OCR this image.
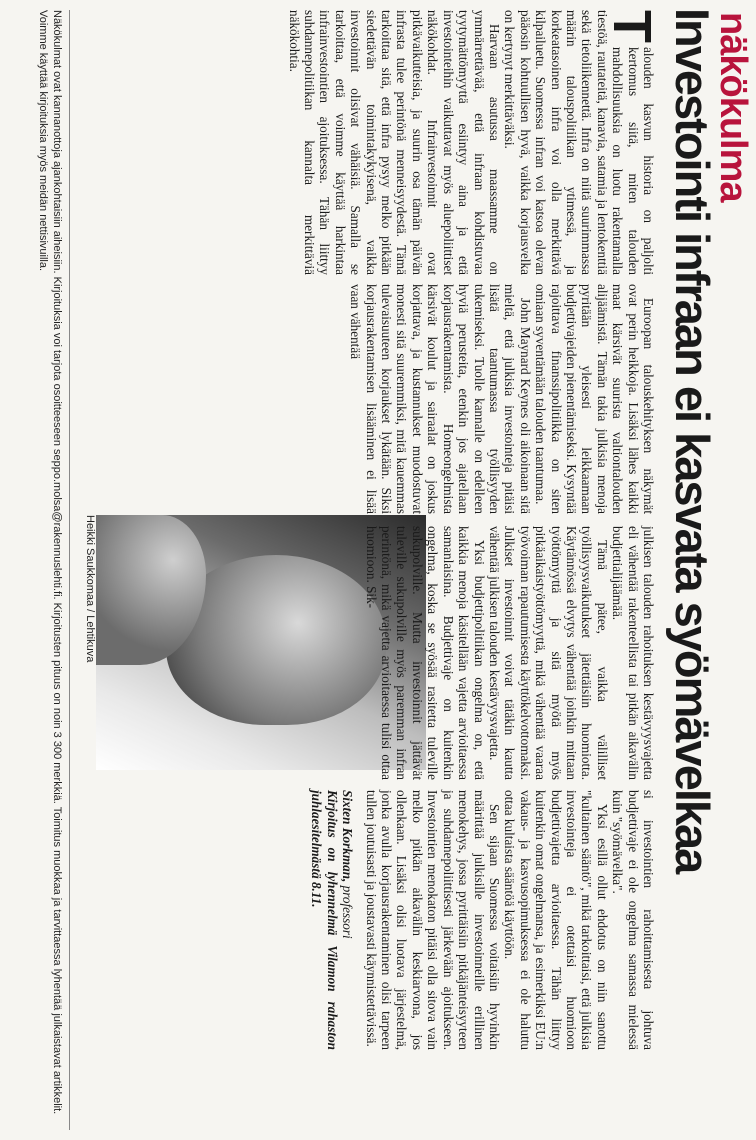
näkökulma
Investointi infraan ei kasvata syömävelkaa

T
alouden kasvun historia on paljolti kertomus siitä, miten talouden mahdollisuuksia on luotu rakentamalla tiestöä, rautateitä, kanavia, satamia ja lentokenttiä sekä tietoliikennettä. Infra on niitä suurimmassa määrin talouspolitiikan ytimessä, ja korkeatasoinen infra voi olla merkittävä kilpailuetu. Suomessa infran voi katsoa olevan pääosin kohtuullisen hyvä, vaikka korjausvelka on kertynyt merkittäväksi.

Harvaan asutussa maassamme on ymmärrettävää, että infraan kohdistuvaa tyytymättömyyttä esiintyy aina ja että investointeihin vaikuttavat myös aluepoliittiset näkökohdat. Infrainvestoinnit ovat pitkävaikutteisia, ja suurin osa tämän päivän infrasta tulee perintönä menneisyydestä. Tämä tarkoittaa sitä, että infra pysyy melko pitkään siedettävän toimintakykyisenä, vaikka investoinnit olisivat vähäisiä. Samalla se tarkoittaa, että voimme käyttää harkintaa infrainvestointien ajoituksessa. Tähän liittyy suhdannepolitiikan kannalta merkittäviä näkökohtia.

Euroopan talouskehityksen näkymät ovat perin heikkoja. Lisäksi lähes kaikki maat kärsivät suurista valtiontalouden alijäämistä. Tämän takia julkisia menoja pyritään yleisesti leikkaamaan budjettivajeiden pienentämiseksi. Kysyntää rajoittava finanssipolitiikka on siten omiaan syventämään talouden taantumaa.

John Maynard Keynes oli aikoinaan sitä mieltä, että julkisia investointeja pitäisi lisätä taantumassa työllisyyden tukemiseksi. Tuolle kannalle on edelleen hyviä perusteita, etenkin jos ajatellaan korjausrakentamista. Homeongelmista kärsivät koulut ja sairaalat on joskus korjattava, ja kustannukset muodostuvat monesti sitä suuremmiksi, mitä kauemmas tulevaisuuteen korjaukset lykätään. Siksi korjausrakentamisen lisääminen ei lisää vaan vähentää

Heikki Saukkomaa / Lehtikuva	julkisen talouden rahoituksen kestävyysvajetta eli vähentää rakenteellista tai pitkän aikavälin budjettialijäämää.

Tämä pätee, vaikka välilliset työllisyysvaikutukset jätettäisiin huomiotta. Käytännössä elvytys vähentää joinkin mittaan työttömyyttä ja sitä myötä myös pitkäaikaistyöttömyyttä, mikä vähentää vaaraa työvoiman rapautumisesta käyttökelvottomaksi. Julkiset investoinnit voivat tätäkin kautta vähentää julkisen talouden kestävyysvajetta.

Yksi budjettipolitiikan ongelma on, että kaikkia menoja käsitellään vajetta arvioitaessa samanlaisina. Budjettivaje on kuitenkin ongelma, koska se syösää rasitetta tuleville sukupolville. Mutta investoinnit jättävät tuleville sukupolville myös paremman infran perintönä, mikä vajetta arvioitaessa tulisi ottaa huomioon. Sik-

si investointien rahoittamisesta johtuva budjettivaje ei ole ongelma samassa mielessä kuin "syömävelka".

Yksi esillä ollut ehdotus on niin sanottu "kultainen sääntö", mikä tarkoittaisi, että julkisia investointeja ei otettaisi huomioon budjettivajetta arvioitaessa. Tähän liittyy kuitenkin omat ongelmansa, ja esimerkiksi EU:n vakaus- ja kasvusopimuksessa ei ole haluttu ottaa kultaista sääntöä käyttöön.

Sen sijaan Suomessa voitaisiin hyvinkin määrittää julkisille investoinneille erillinen menokehys, jossa pyrittäisiin pitkäjänteisyyteen ja suhdannepoliittisesti järkevään ajoitukseen. Investointien menokaton pitäisi olla sitova vain melko pitkän aikavälin keskiarvona, jos ollenkaan. Lisäksi olisi luotava järjestelmä, jonka avulla korjausrakentaminen olisi tarpeen tullen joutuisasti ja joustavasti käynnistettävissä.

Sixten Korkman, professori
Kirjoitus on lyhennelmä Vilamon rahaston juhlaesitelmästä 8.11.

Näkökulmat ovat kannanottoja ajankohtaisiin aiheisiin. Kirjoituksia voi tarjota osoitteeseen seppo.molsa@rakennuslehti.fi. Kirjoitusten pituus on noin 3 300 merkkiä. Toimitus muokkaa ja tarvittaessa lyhentää julkaistavat artikkelit. Voimme käyttää kirjoituksia myös meidän nettisivuilla.
